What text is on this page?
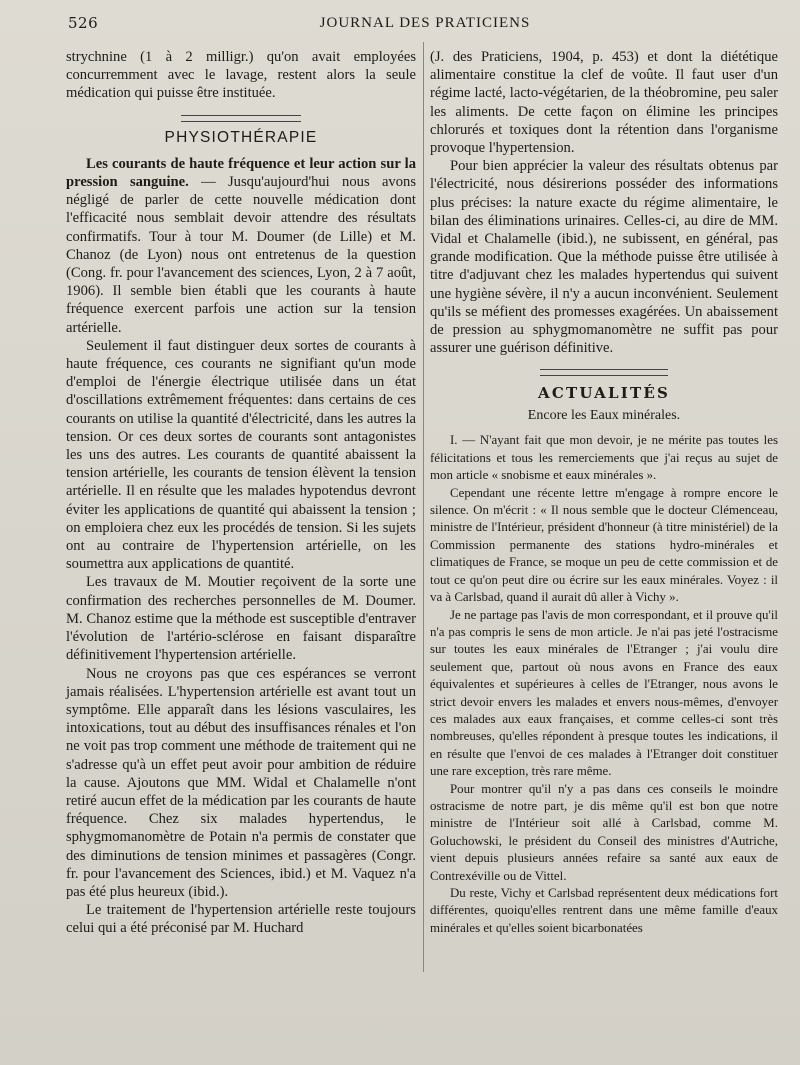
526	JOURNAL DES PRATICIENS

strychnine (1 à 2 milligr.) qu'on avait employées concurremment avec le lavage, restent alors la seule médication qui puisse être instituée.

PHYSIOTHÉRAPIE

Les courants de haute fréquence et leur action sur la pression sanguine. — Jusqu'aujourd'hui nous avons négligé de parler de cette nouvelle médication dont l'efficacité nous semblait devoir attendre des résultats confirmatifs. Tour à tour M. Doumer (de Lille) et M. Chanoz (de Lyon) nous ont entretenus de la question (Cong. fr. pour l'avancement des sciences, Lyon, 2 à 7 août, 1906). Il semble bien établi que les courants à haute fréquence exercent parfois une action sur la tension artérielle.

Seulement il faut distinguer deux sortes de courants à haute fréquence, ces courants ne signifiant qu'un mode d'emploi de l'énergie électrique utilisée dans un état d'oscillations extrêmement fréquentes: dans certains de ces courants on utilise la quantité d'électricité, dans les autres la tension. Or ces deux sortes de courants sont antagonistes les uns des autres. Les courants de quantité abaissent la tension artérielle, les courants de tension élèvent la tension artérielle. Il en résulte que les malades hypotendus devront éviter les applications de quantité qui abaissent la tension ; on emploiera chez eux les procédés de tension. Si les sujets ont au contraire de l'hypertension artérielle, on les soumettra aux applications de quantité.

Les travaux de M. Moutier reçoivent de la sorte une confirmation des recherches personnelles de M. Doumer. M. Chanoz estime que la méthode est susceptible d'entraver l'évolution de l'artério-sclérose en faisant disparaître définitivement l'hypertension artérielle.

Nous ne croyons pas que ces espérances se verront jamais réalisées. L'hypertension artérielle est avant tout un symptôme. Elle apparaît dans les lésions vasculaires, les intoxications, tout au début des insuffisances rénales et l'on ne voit pas trop comment une méthode de traitement qui ne s'adresse qu'à un effet peut avoir pour ambition de réduire la cause. Ajoutons que MM. Widal et Chalamelle n'ont retiré aucun effet de la médication par les courants de haute fréquence. Chez six malades hypertendus, le sphygmomanomètre de Potain n'a permis de constater que des diminutions de tension minimes et passagères (Congr. fr. pour l'avancement des Sciences, ibid.) et M. Vaquez n'a pas été plus heureux (ibid.).

Le traitement de l'hypertension artérielle reste toujours celui qui a été préconisé par M. Huchard

(J. des Praticiens, 1904, p. 453) et dont la diététique alimentaire constitue la clef de voûte. Il faut user d'un régime lacté, lacto-végétarien, de la théobromine, peu saler les aliments. De cette façon on élimine les principes chlorurés et toxiques dont la rétention dans l'organisme provoque l'hypertension.

Pour bien apprécier la valeur des résultats obtenus par l'électricité, nous désirerions posséder des informations plus précises: la nature exacte du régime alimentaire, le bilan des éliminations urinaires. Celles-ci, au dire de MM. Vidal et Chalamelle (ibid.), ne subissent, en général, pas grande modification. Que la méthode puisse être utilisée à titre d'adjuvant chez les malades hypertendus qui suivent une hygiène sévère, il n'y a aucun inconvénient. Seulement qu'ils se méfient des promesses exagérées. Un abaissement de pression au sphygmomanomètre ne suffit pas pour assurer une guérison définitive.

ACTUALITÉS
Encore les Eaux minérales.

I. — N'ayant fait que mon devoir, je ne mérite pas toutes les félicitations et tous les remerciements que j'ai reçus au sujet de mon article « snobisme et eaux minérales ».

Cependant une récente lettre m'engage à rompre encore le silence. On m'écrit : « Il nous semble que le docteur Clémenceau, ministre de l'Intérieur, président d'honneur (à titre ministériel) de la Commission permanente des stations hydro-minérales et climatiques de France, se moque un peu de cette commission et de tout ce qu'on peut dire ou écrire sur les eaux minérales. Voyez : il va à Carlsbad, quand il aurait dû aller à Vichy ».

Je ne partage pas l'avis de mon correspondant, et il prouve qu'il n'a pas compris le sens de mon article. Je n'ai pas jeté l'ostracisme sur toutes les eaux minérales de l'Etranger ; j'ai voulu dire seulement que, partout où nous avons en France des eaux équivalentes et supérieures à celles de l'Etranger, nous avons le strict devoir envers les malades et envers nous-mêmes, d'envoyer ces malades aux eaux françaises, et comme celles-ci sont très nombreuses, qu'elles répondent à presque toutes les indications, il en résulte que l'envoi de ces malades à l'Etranger doit constituer une rare exception, très rare même.

Pour montrer qu'il n'y a pas dans ces conseils le moindre ostracisme de notre part, je dis même qu'il est bon que notre ministre de l'Intérieur soit allé à Carlsbad, comme M. Goluchowski, le président du Conseil des ministres d'Autriche, vient depuis plusieurs années refaire sa santé aux eaux de Contrexéville ou de Vittel.

Du reste, Vichy et Carlsbad représentent deux médications fort différentes, quoiqu'elles rentrent dans une même famille d'eaux minérales et qu'elles soient bicarbonatées
